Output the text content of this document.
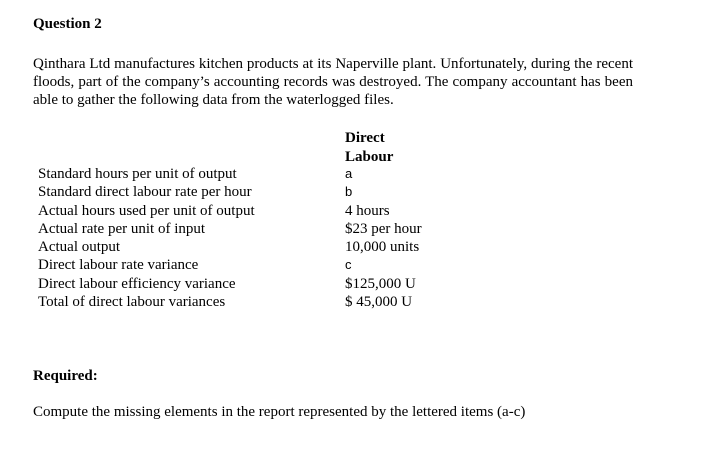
Question 2

Qinthara Ltd manufactures kitchen products at its Naperville plant. Unfortunately, during the recent floods, part of the company’s accounting records was destroyed. The company accountant has been able to gather the following data from the waterlogged files.

Direct
Labour
Standard hours per unit of output
Standard direct labour rate per hour
Actual hours used per unit of output
Actual rate per unit of input
Actual output
Direct labour rate variance
Direct labour efficiency variance
Total of direct labour variances
a
b
4 hours
$23 per hour
10,000 units
c
$125,000 U
$ 45,000 U
Required:

Compute the missing elements in the report represented by the lettered items (a-c)
